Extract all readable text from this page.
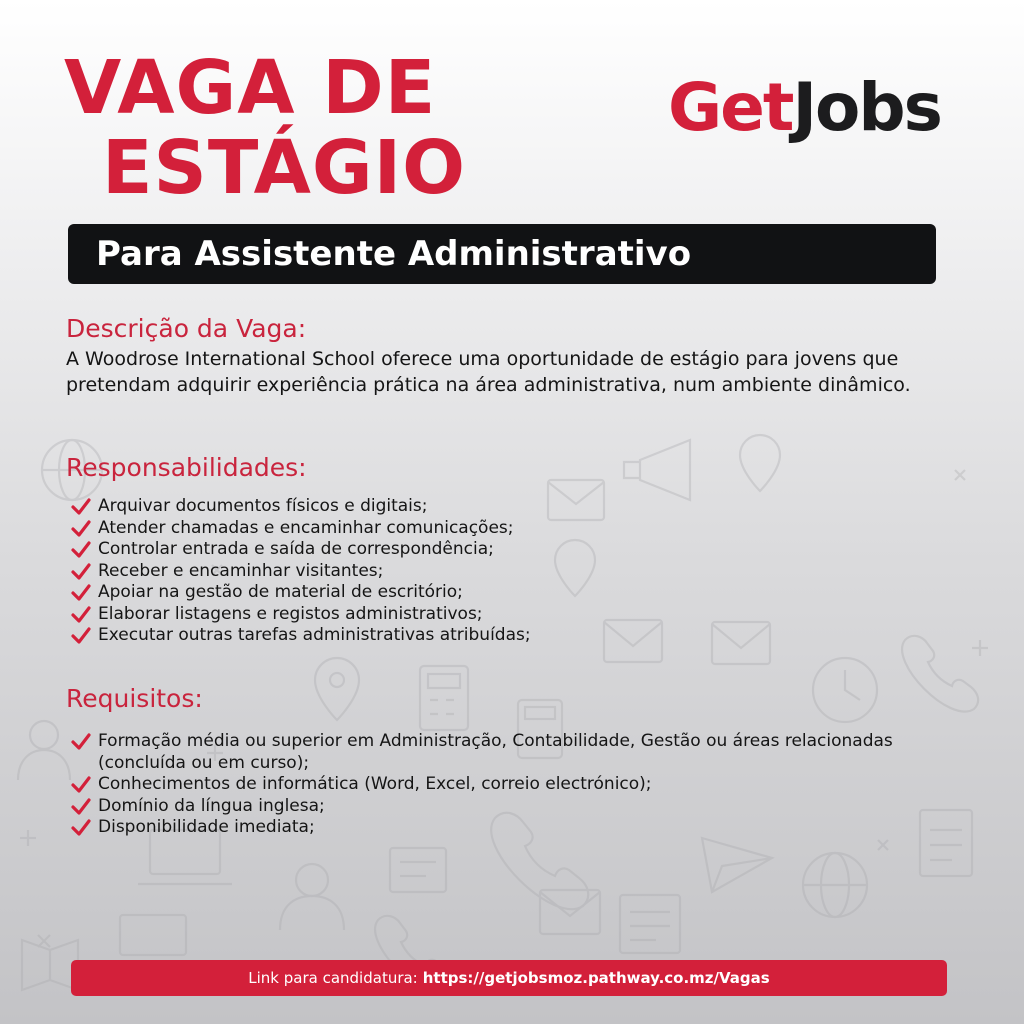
VAGA DE
ESTÁGIO
GetJobs
Para Assistente Administrativo
Descrição da Vaga:

A Woodrose International School oferece uma oportunidade de estágio para jovens que pretendam adquirir experiência prática na área administrativa, num ambiente dinâmico.

Responsabilidades:
Arquivar documentos físicos e digitais;
Atender chamadas e encaminhar comunicações;
Controlar entrada e saída de correspondência;
Receber e encaminhar visitantes;
Apoiar na gestão de material de escritório;
Elaborar listagens e registos administrativos;
Executar outras tarefas administrativas atribuídas;
Requisitos:
Formação média ou superior em Administração, Contabilidade, Gestão ou áreas relacionadas (concluída ou em curso);
Conhecimentos de informática (Word, Excel, correio electrónico);
Domínio da língua inglesa;
Disponibilidade imediata;
Link para candidatura: https://getjobsmoz.pathway.co.mz/Vagas
